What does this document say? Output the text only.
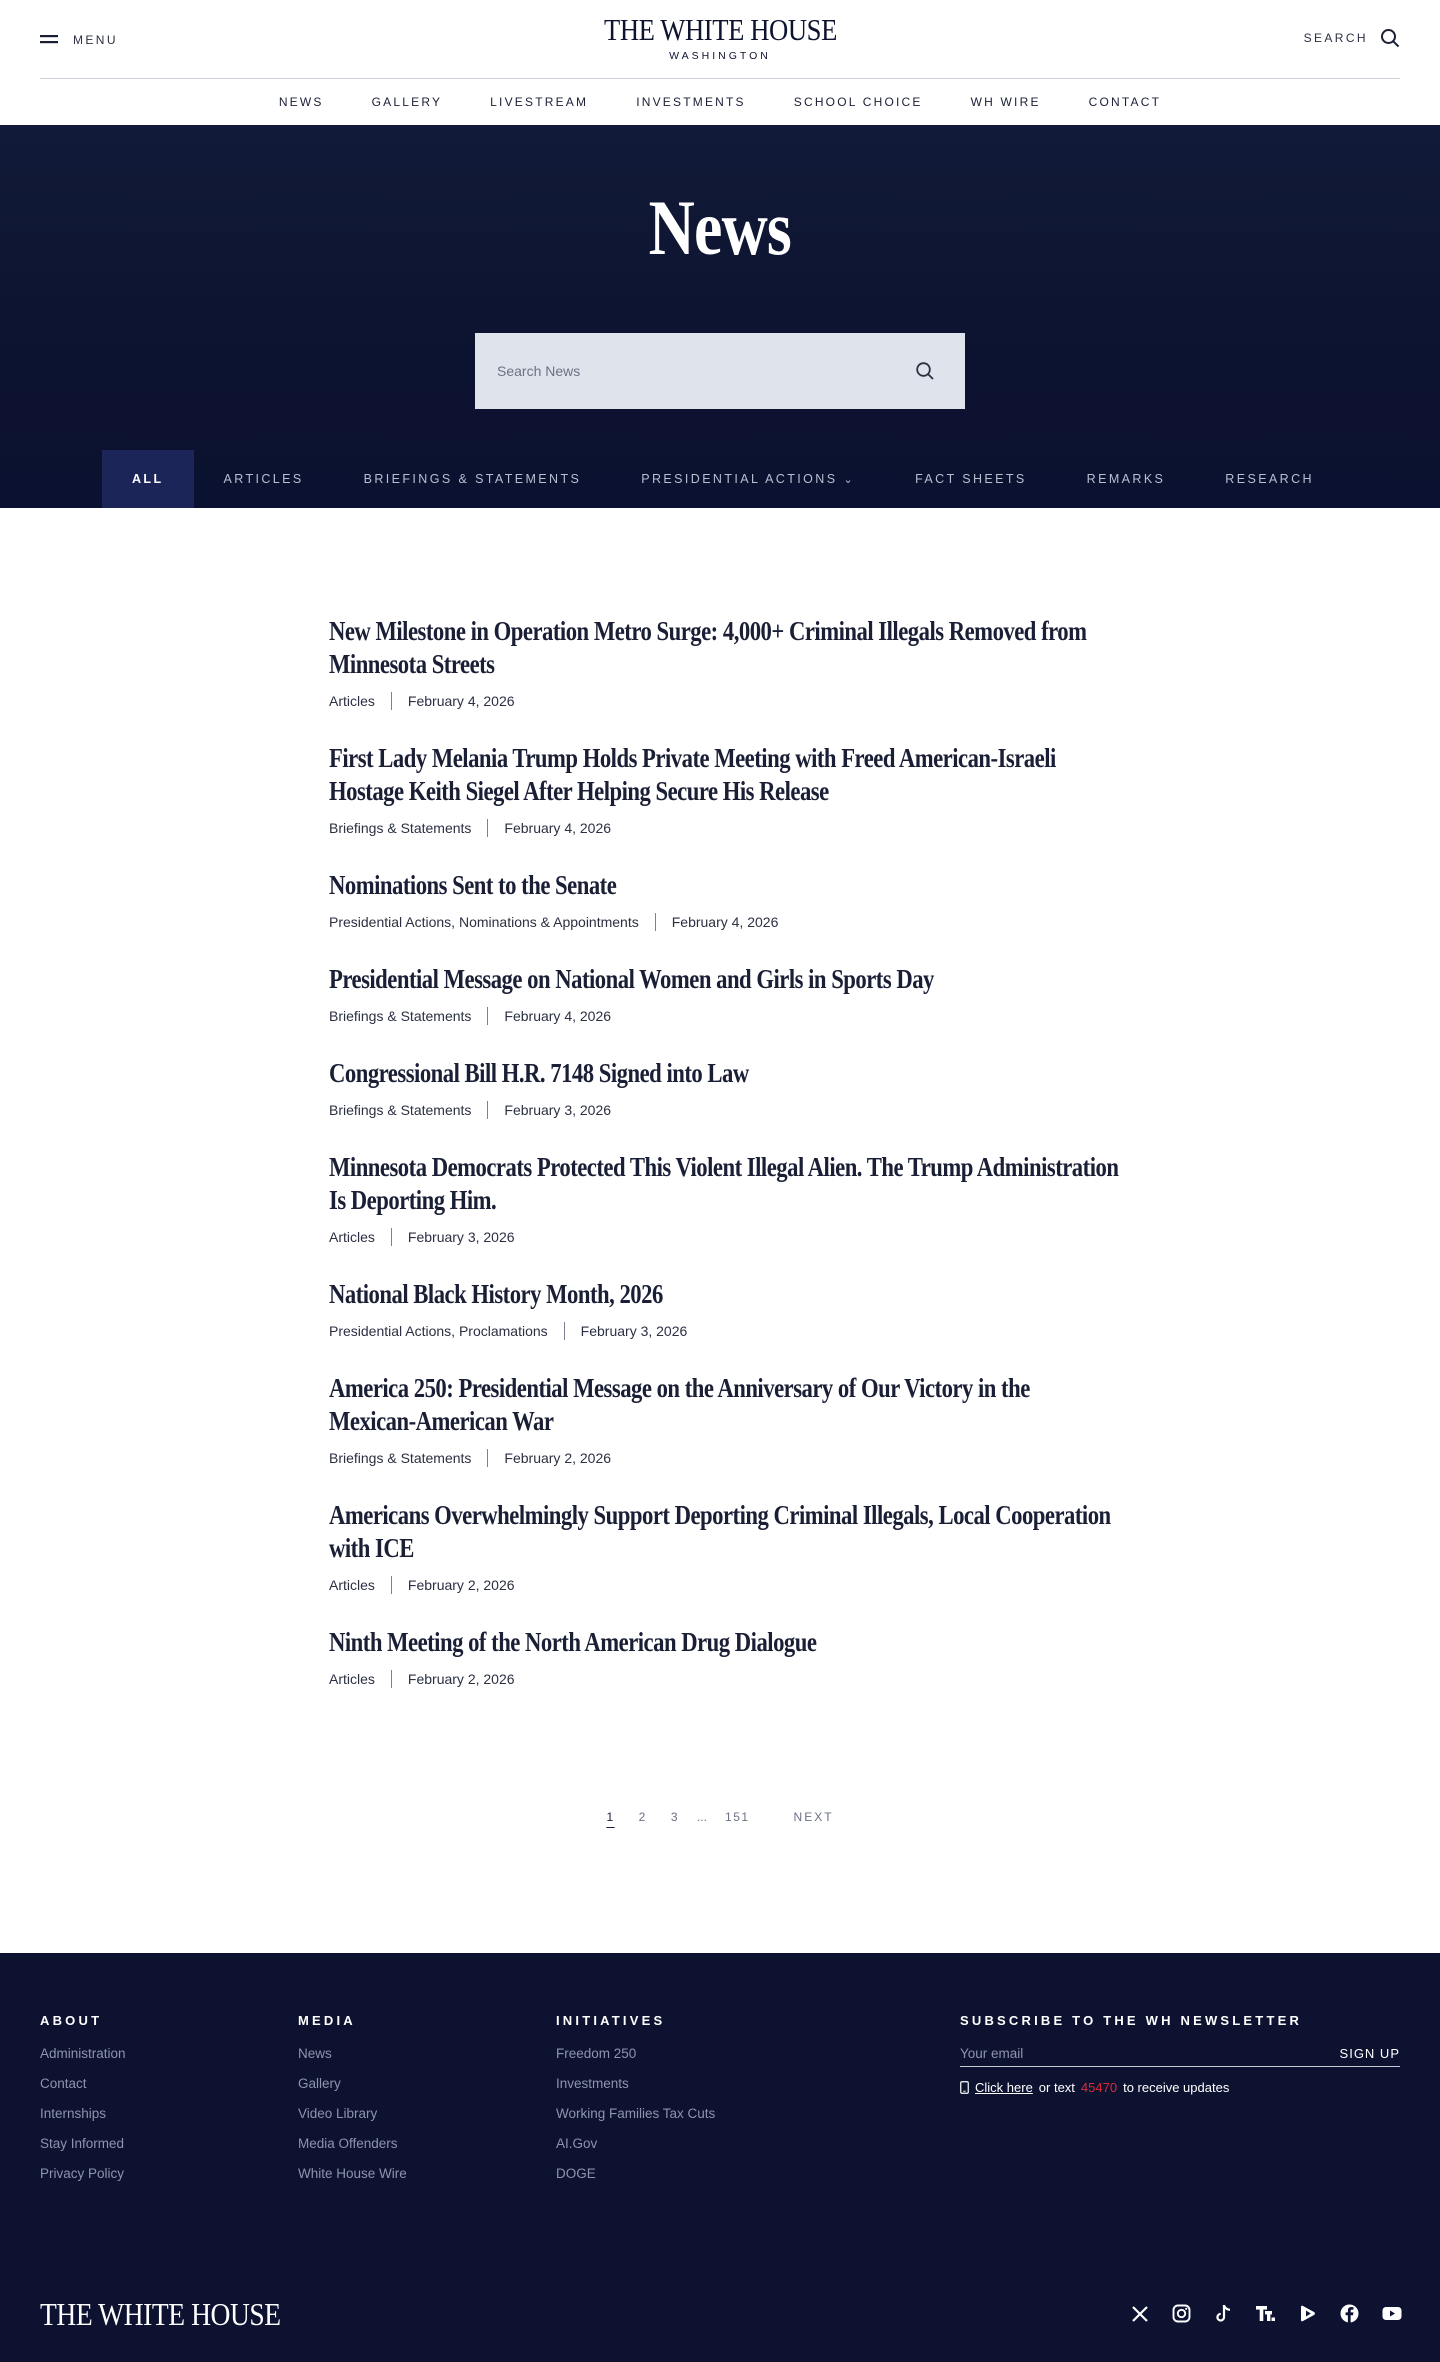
MENU	THE WHITE HOUSE
WASHINGTON
SEARCH
NEWS	GALLERY	LIVESTREAM	INVESTMENTS	SCHOOL CHOICE	WH WIRE	CONTACT
News
Search News
ALL	ARTICLES	BRIEFINGS & STATEMENTS	PRESIDENTIAL ACTIONS ⌄	FACT SHEETS	REMARKS	RESEARCH
New Milestone in Operation Metro Surge: 4,000+ Criminal Illegals Removed from Minnesota Streets
Articles February 4, 2026
First Lady Melania Trump Holds Private Meeting with Freed American-Israeli Hostage Keith Siegel After Helping Secure His Release
Briefings & Statements February 4, 2026
Nominations Sent to the Senate
Presidential Actions, Nominations & Appointments February 4, 2026
Presidential Message on National Women and Girls in Sports Day
Briefings & Statements February 4, 2026
Congressional Bill H.R. 7148 Signed into Law
Briefings & Statements February 3, 2026
Minnesota Democrats Protected This Violent Illegal Alien. The Trump Administration Is Deporting Him.
Articles February 3, 2026
National Black History Month, 2026
Presidential Actions, Proclamations February 3, 2026
America 250: Presidential Message on the Anniversary of Our Victory in the Mexican-American War
Briefings & Statements February 2, 2026
Americans Overwhelmingly Support Deporting Criminal Illegals, Local Cooperation with ICE
Articles February 2, 2026
Ninth Meeting of the North American Drug Dialogue
Articles February 2, 2026
1	2	3	...	151	NEXT
ABOUT
Administration
Contact
Internships
Stay Informed
Privacy Policy
MEDIA
News
Gallery
Video Library
Media Offenders
White House Wire
INITIATIVES
Freedom 250
Investments
Working Families Tax Cuts
AI.Gov
DOGE
SUBSCRIBE TO THE WH NEWSLETTER
Your email
SIGN UP
Click here or text 45470 to receive updates
THE WHITE HOUSE
